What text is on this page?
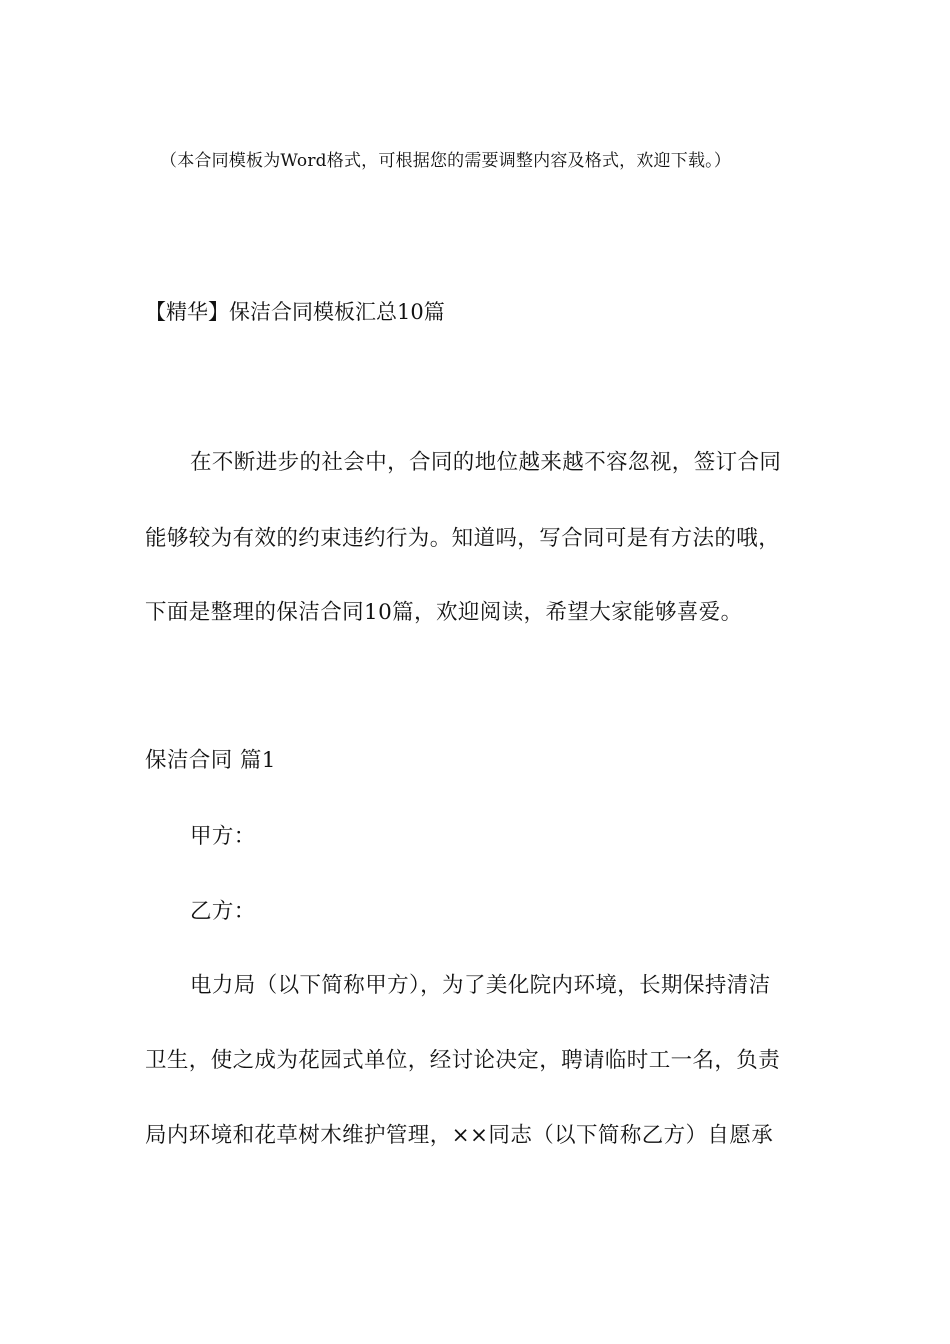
（本合同模板为Word格式，可根据您的需要调整内容及格式，欢迎下载。）
【精华】保洁合同模板汇总10篇
在不断进步的社会中，合同的地位越来越不容忽视，签订合同
能够较为有效的约束违约行为。知道吗，写合同可是有方法的哦，
下面是整理的保洁合同10篇，欢迎阅读，希望大家能够喜爱。
保洁合同 篇1
甲方：
乙方：
电力局（以下简称甲方），为了美化院内环境，长期保持清洁
卫生，使之成为花园式单位，经讨论决定，聘请临时工一名，负责
局内环境和花草树木维护管理，××同志（以下简称乙方）自愿承
